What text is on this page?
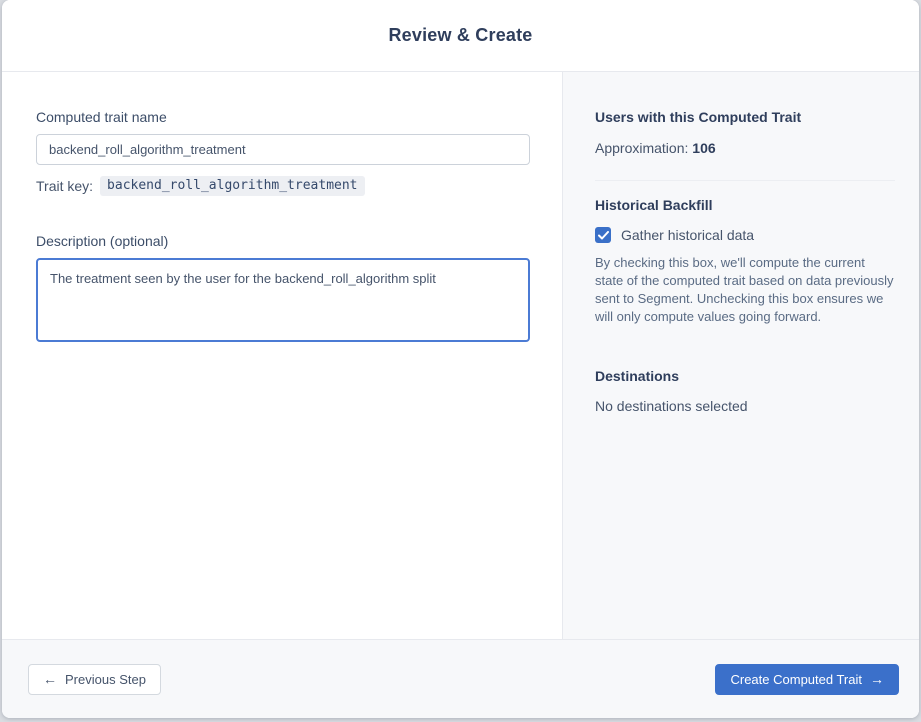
Review & Create
Computed trait name
backend_roll_algorithm_treatment
Trait key:	backend_roll_algorithm_treatment
Description (optional)
The treatment seen by the user for the backend_roll_algorithm split
Users with this Computed Trait
Approximation: 106
Historical Backfill
Gather historical data

By checking this box, we'll compute the current state of the computed trait based on data previously sent to Segment. Unchecking this box ensures we will only compute values going forward.

Destinations
No destinations selected
← Previous Step	Create Computed Trait →
